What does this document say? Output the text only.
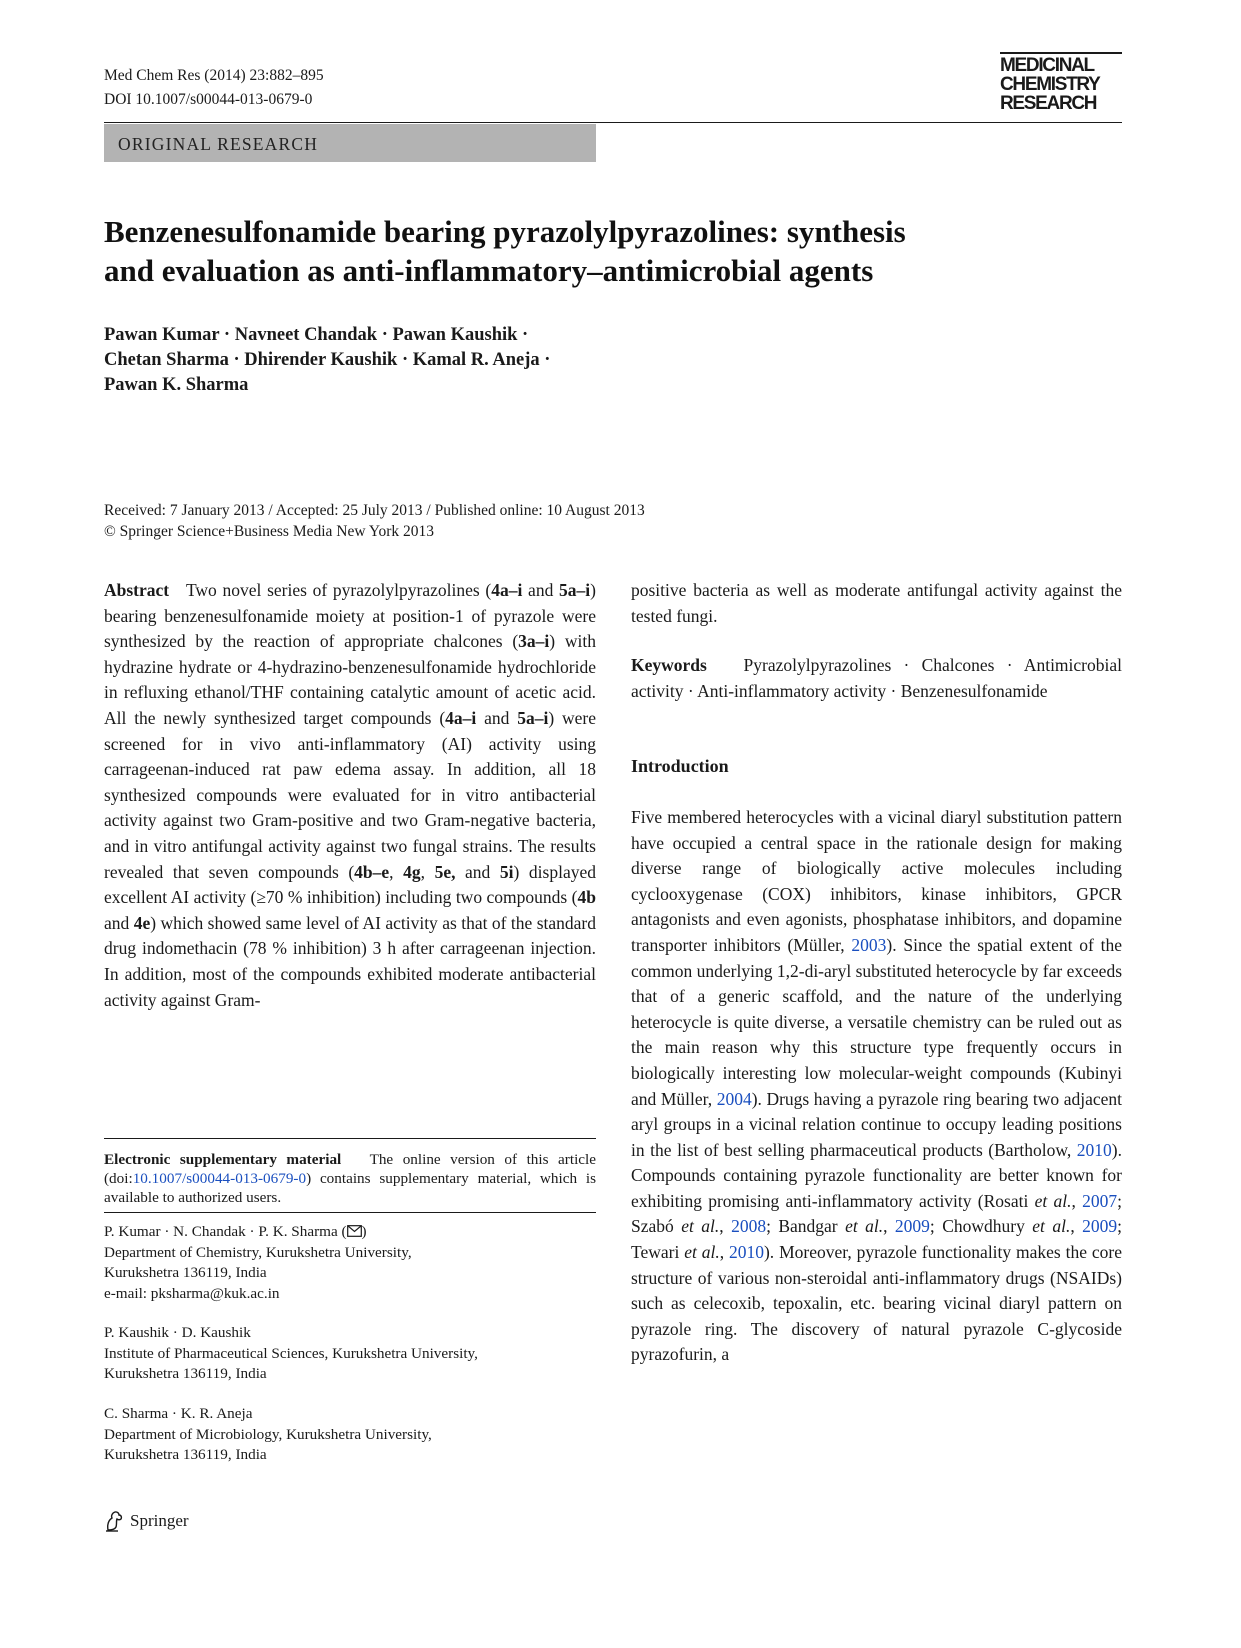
Med Chem Res (2014) 23:882–895
DOI 10.1007/s00044-013-0679-0
MEDICINAL
CHEMISTRY
RESEARCH
ORIGINAL RESEARCH
Benzenesulfonamide bearing pyrazolylpyrazolines: synthesis
and evaluation as anti-inflammatory–antimicrobial agents
Pawan Kumar · Navneet Chandak · Pawan Kaushik ·
Chetan Sharma · Dhirender Kaushik · Kamal R. Aneja ·
Pawan K. Sharma
Received: 7 January 2013 / Accepted: 25 July 2013 / Published online: 10 August 2013
© Springer Science+Business Media New York 2013

Abstract Two novel series of pyrazolylpyrazolines (4a–i and 5a–i) bearing benzenesulfonamide moiety at position-1 of pyrazole were synthesized by the reaction of appropriate chalcones (3a–i) with hydrazine hydrate or 4-hydrazino-benzenesulfonamide hydrochloride in refluxing ethanol/THF containing catalytic amount of acetic acid. All the newly synthesized target compounds (4a–i and 5a–i) were screened for in vivo anti-inflammatory (AI) activity using carrageenan-induced rat paw edema assay. In addition, all 18 synthesized compounds were evaluated for in vitro antibacterial activity against two Gram-positive and two Gram-negative bacteria, and in vitro antifungal activity against two fungal strains. The results revealed that seven compounds (4b–e, 4g, 5e, and 5i) displayed excellent AI activity (≥70 % inhibition) including two compounds (4b and 4e) which showed same level of AI activity as that of the standard drug indomethacin (78 % inhibition) 3 h after carrageenan injection. In addition, most of the compounds exhibited moderate antibacterial activity against Gram-

Electronic supplementary material The online version of this article (doi:10.1007/s00044-013-0679-0) contains supplementary material, which is available to authorized users.
P. Kumar · N. Chandak · P. K. Sharma ( )
Department of Chemistry, Kurukshetra University,
Kurukshetra 136119, India
e-mail: pksharma@kuk.ac.in
P. Kaushik · D. Kaushik
Institute of Pharmaceutical Sciences, Kurukshetra University,
Kurukshetra 136119, India
C. Sharma · K. R. Aneja
Department of Microbiology, Kurukshetra University,
Kurukshetra 136119, India

positive bacteria as well as moderate antifungal activity against the tested fungi.

Keywords Pyrazolylpyrazolines · Chalcones · Antimicrobial activity · Anti-inflammatory activity · Benzenesulfonamide

Introduction

Five membered heterocycles with a vicinal diaryl substitution pattern have occupied a central space in the rationale design for making diverse range of biologically active molecules including cyclooxygenase (COX) inhibitors, kinase inhibitors, GPCR antagonists and even agonists, phosphatase inhibitors, and dopamine transporter inhibitors (Müller, 2003). Since the spatial extent of the common underlying 1,2-di-aryl substituted heterocycle by far exceeds that of a generic scaffold, and the nature of the underlying heterocycle is quite diverse, a versatile chemistry can be ruled out as the main reason why this structure type frequently occurs in biologically interesting low molecular-weight compounds (Kubinyi and Müller, 2004). Drugs having a pyrazole ring bearing two adjacent aryl groups in a vicinal relation continue to occupy leading positions in the list of best selling pharmaceutical products (Bartholow, 2010). Compounds containing pyrazole functionality are better known for exhibiting promising anti-inflammatory activity (Rosati et al., 2007; Szabó et al., 2008; Bandgar et al., 2009; Chowdhury et al., 2009; Tewari et al., 2010). Moreover, pyrazole functionality makes the core structure of various non-steroidal anti-inflammatory drugs (NSAIDs) such as celecoxib, tepoxalin, etc. bearing vicinal diaryl pattern on pyrazole ring. The discovery of natural pyrazole C-glycoside pyrazofurin, a

Springer
